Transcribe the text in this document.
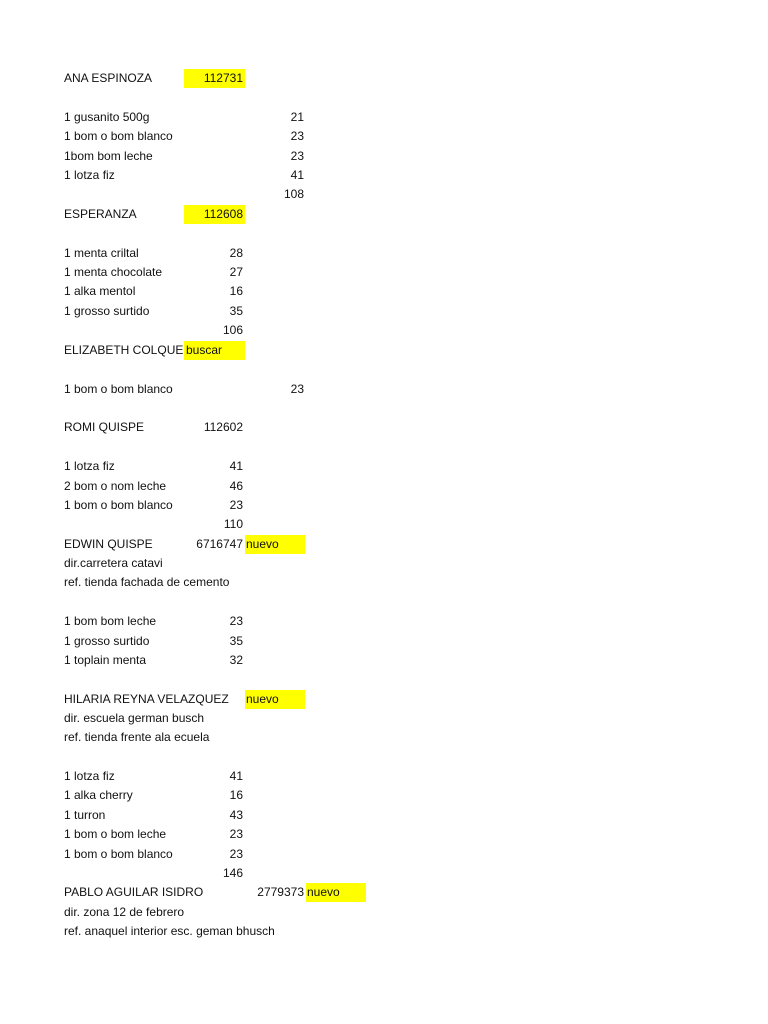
ANA ESPINOZA	112731
1 gusanito 500g	21
1 bom o bom blanco	23
1bom bom leche	23
1 lotza fiz	41
108
ESPERANZA	112608
1 menta criltal	28
1 menta chocolate	27
1 alka mentol	16
1 grosso surtido	35
106
ELIZABETH COLQUE buscar
1 bom o bom blanco	23
ROMI QUISPE	112602
1 lotza fiz	41
2 bom o nom leche	46
1 bom o bom blanco	23
110
EDWIN QUISPE	6716747 nuevo
dir.carretera catavi
ref. tienda fachada de cemento
1 bom bom leche	23
1 grosso surtido	35
1 toplain menta	32
HILARIA REYNA VELAZQUEZ nuevo
dir. escuela german busch
ref. tienda frente ala ecuela
1 lotza fiz	41
1 alka cherry	16
1 turron	43
1 bom o bom leche	23
1 bom o bom blanco	23
146
PABLO AGUILAR ISIDRO	2779373 nuevo
dir. zona 12 de febrero
ref. anaquel interior esc. geman bhusch
